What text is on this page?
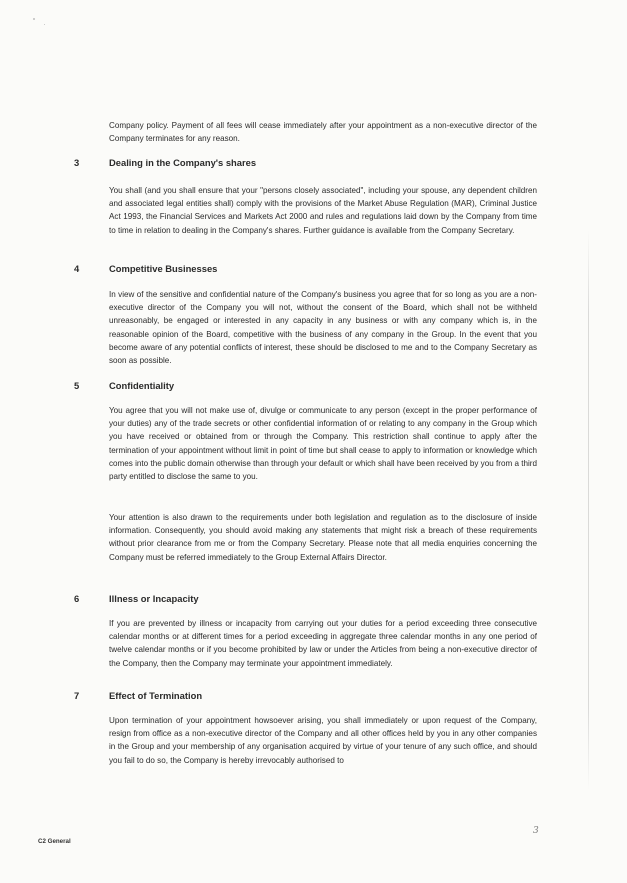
Company policy. Payment of all fees will cease immediately after your appointment as a non-executive director of the Company terminates for any reason.
3	Dealing in the Company's shares
You shall (and you shall ensure that your "persons closely associated", including your spouse, any dependent children and associated legal entities shall) comply with the provisions of the Market Abuse Regulation (MAR), Criminal Justice Act 1993, the Financial Services and Markets Act 2000 and rules and regulations laid down by the Company from time to time in relation to dealing in the Company's shares. Further guidance is available from the Company Secretary.
4	Competitive Businesses
In view of the sensitive and confidential nature of the Company's business you agree that for so long as you are a non-executive director of the Company you will not, without the consent of the Board, which shall not be withheld unreasonably, be engaged or interested in any capacity in any business or with any company which is, in the reasonable opinion of the Board, competitive with the business of any company in the Group. In the event that you become aware of any potential conflicts of interest, these should be disclosed to me and to the Company Secretary as soon as possible.
5	Confidentiality
You agree that you will not make use of, divulge or communicate to any person (except in the proper performance of your duties) any of the trade secrets or other confidential information of or relating to any company in the Group which you have received or obtained from or through the Company. This restriction shall continue to apply after the termination of your appointment without limit in point of time but shall cease to apply to information or knowledge which comes into the public domain otherwise than through your default or which shall have been received by you from a third party entitled to disclose the same to you.
Your attention is also drawn to the requirements under both legislation and regulation as to the disclosure of inside information. Consequently, you should avoid making any statements that might risk a breach of these requirements without prior clearance from me or from the Company Secretary. Please note that all media enquiries concerning the Company must be referred immediately to the Group External Affairs Director.
6	Illness or Incapacity
If you are prevented by illness or incapacity from carrying out your duties for a period exceeding three consecutive calendar months or at different times for a period exceeding in aggregate three calendar months in any one period of twelve calendar months or if you become prohibited by law or under the Articles from being a non-executive director of the Company, then the Company may terminate your appointment immediately.
7	Effect of Termination
Upon termination of your appointment howsoever arising, you shall immediately or upon request of the Company, resign from office as a non-executive director of the Company and all other offices held by you in any other companies in the Group and your membership of any organisation acquired by virtue of your tenure of any such office, and should you fail to do so, the Company is hereby irrevocably authorised to
C2 General
3
